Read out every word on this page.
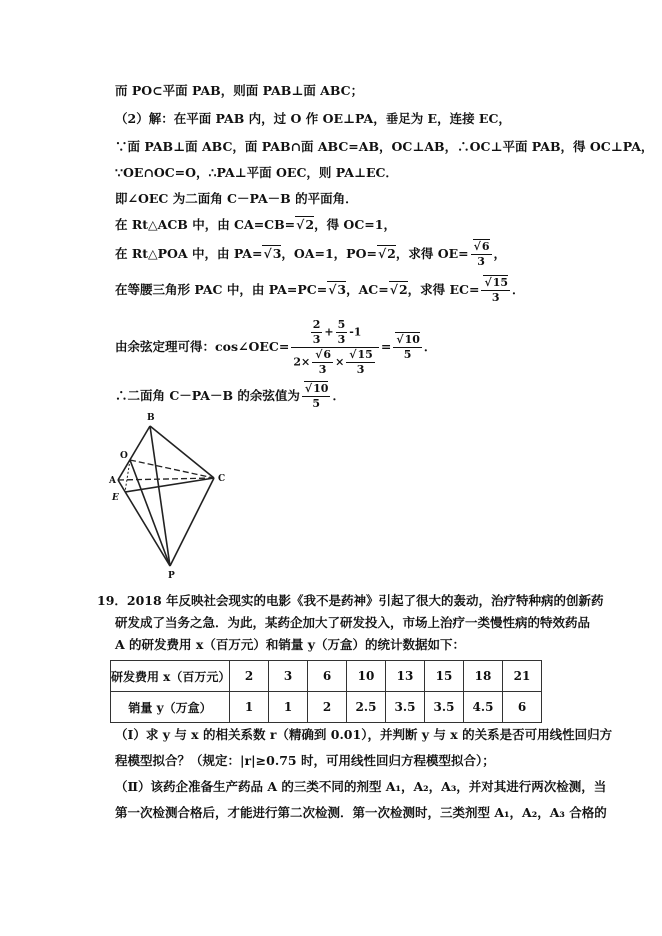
而 PO⊂平面 PAB，则面 PAB⊥面 ABC；
（2）解：在平面 PAB 内，过 O 作 OE⊥PA，垂足为 E，连接 EC，
∵面 PAB⊥面 ABC，面 PAB∩面 ABC=AB，OC⊥AB，∴OC⊥平面 PAB，得 OC⊥PA，
∵OE∩OC=O，∴PA⊥平面 OEC，则 PA⊥EC．
即∠OEC 为二面角 C－PA－B 的平面角．
在 Rt△ACB 中，由 CA=CB= √ 2，得 OC=1，
在 Rt△POA 中，由 PA= √ 3，OA=1，PO= √ 2，求得 OE= √ $\frac{6}{3}$ ，
在等腰三角形 PAC 中，由 PA=PC= √ 3，AC= √ 2，求得 EC= √ $\frac{15}{3}$ ．
由余弦定理可得：cos∠OEC= $\frac{\frac{2}{3} + \frac{5}{3} -1}{2\times √ \frac{6}{3} \times √ \frac{15}{3}}$ = √ $\frac{10}{5}$ ．
∴二面角 C－PA－B 的余弦值为 √ $\frac{10}{5}$ ．
B
O
A
E
C
P
19．2018 年反映社会现实的电影《我不是药神》引起了很大的轰动，治疗特种病的创新药
研发成了当务之急．为此，某药企加大了研发投入，市场上治疗一类慢性病的特效药品
A 的研发费用 x（百万元）和销量 y（万盒）的统计数据如下：
研发费用 x（百万元）	2	3	6	10	13	15	18	21
销量 y（万盒）	1	1	2	2.5	3.5	3.5	4.5	6
（Ⅰ）求 y 与 x 的相关系数 r（精确到 0.01），并判断 y 与 x 的关系是否可用线性回归方
程模型拟合？（规定：|r|≥0.75 时，可用线性回归方程模型拟合）；
（Ⅱ）该药企准备生产药品 A 的三类不同的剂型 A₁，A₂，A₃，并对其进行两次检测，当
第一次检测合格后，才能进行第二次检测．第一次检测时，三类剂型 A₁，A₂，A₃ 合格的
